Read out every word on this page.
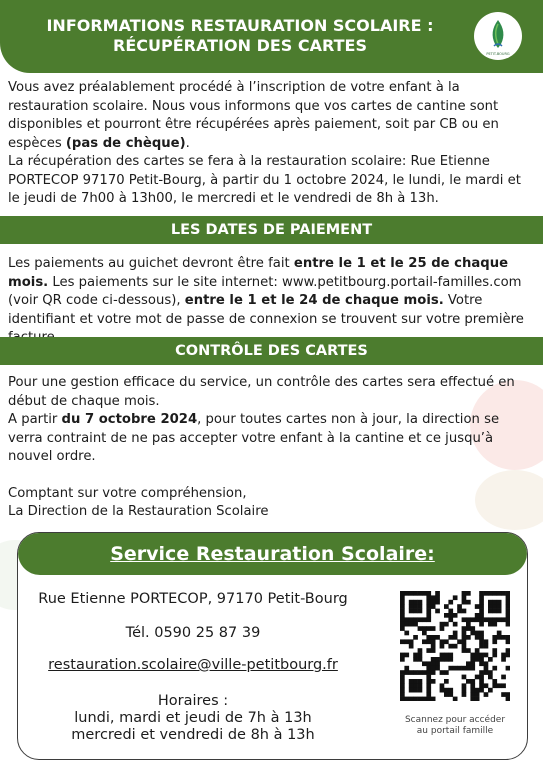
INFORMATIONS RESTAURATION SCOLAIRE :
RÉCUPÉRATION DES CARTES	PETIT-BOURG
Vous avez préalablement procédé à l’inscription de votre enfant à la restauration scolaire. Nous vous informons que vos cartes de cantine sont disponibles et pourront être récupérées après paiement, soit par CB ou en espèces (pas de chèque).
La récupération des cartes se fera à la restauration scolaire: Rue Etienne PORTECOP 97170 Petit-Bourg, à partir du 1 octobre 2024, le lundi, le mardi et le jeudi de 7h00 à 13h00, le mercredi et le vendredi de 8h à 13h.
LES DATES DE PAIEMENT
Les paiements au guichet devront être fait entre le 1 et le 25 de chaque mois. Les paiements sur le site internet: www.petitbourg.portail-familles.com (voir QR code ci-dessous), entre le 1 et le 24 de chaque mois. Votre identifiant et votre mot de passe de connexion se trouvent sur votre première
CONTRÔLE DES CARTES
Pour une gestion efficace du service, un contrôle des cartes sera effectué en début de chaque mois.
A partir du 7 octobre 2024, pour toutes cartes non à jour, la direction se verra contraint de ne pas accepter votre enfant à la cantine et ce jusqu’à nouvel ordre.
Comptant sur votre compréhension,
La Direction de la Restauration Scolaire
Service Restauration Scolaire:
Rue Etienne PORTECOP, 97170 Petit-Bourg
Tél. 0590 25 87 39
restauration.scolaire@ville-petitbourg.fr
Horaires :
lundi, mardi et jeudi de 7h à 13h
mercredi et vendredi de 8h à 13h
Scannez pour accéder
au portail famille
